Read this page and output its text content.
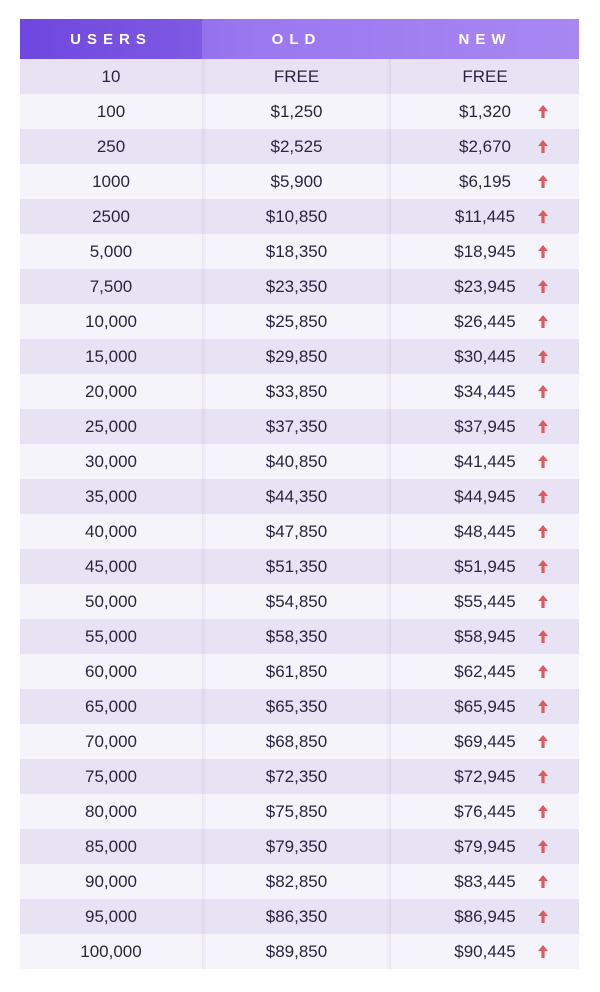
USERS	OLD	NEW
10	FREE	FREE
100	$1,250	$1,320
250	$2,525	$2,670
1000	$5,900	$6,195
2500	$10,850	$11,445
5,000	$18,350	$18,945
7,500	$23,350	$23,945
10,000	$25,850	$26,445
15,000	$29,850	$30,445
20,000	$33,850	$34,445
25,000	$37,350	$37,945
30,000	$40,850	$41,445
35,000	$44,350	$44,945
40,000	$47,850	$48,445
45,000	$51,350	$51,945
50,000	$54,850	$55,445
55,000	$58,350	$58,945
60,000	$61,850	$62,445
65,000	$65,350	$65,945
70,000	$68,850	$69,445
75,000	$72,350	$72,945
80,000	$75,850	$76,445
85,000	$79,350	$79,945
90,000	$82,850	$83,445
95,000	$86,350	$86,945
100,000	$89,850	$90,445
